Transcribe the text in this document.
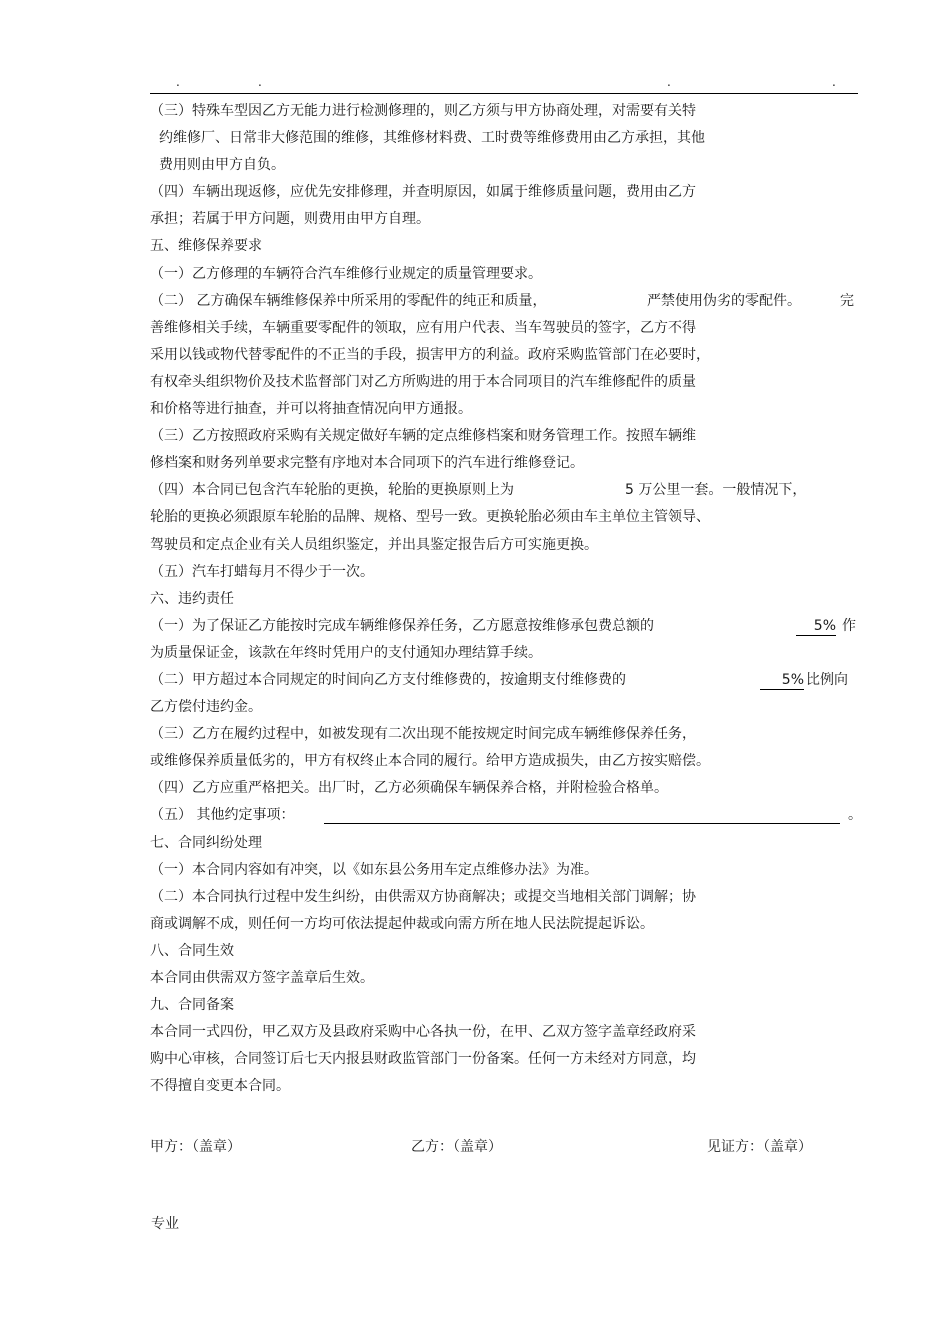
.	.	.	.
（三）特殊车型因乙方无能力进行检测修理的，则乙方须与甲方协商处理，对需要有关特
约维修厂、日常非大修范围的维修，其维修材料费、工时费等维修费用由乙方承担，其他
费用则由甲方自负。
（四）车辆出现返修，应优先安排修理，并查明原因，如属于维修质量问题，费用由乙方
承担；若属于甲方问题，则费用由甲方自理。
五、维修保养要求
（一）乙方修理的车辆符合汽车维修行业规定的质量管理要求。
（二） 乙方确保车辆维修保养中所采用的零配件的纯正和质量，	严禁使用伪劣的零配件。	完
善维修相关手续，车辆重要零配件的领取，应有用户代表、当车驾驶员的签字，乙方不得
采用以钱或物代替零配件的不正当的手段，损害甲方的利益。政府采购监管部门在必要时，
有权牵头组织物价及技术监督部门对乙方所购进的用于本合同项目的汽车维修配件的质量
和价格等进行抽查，并可以将抽查情况向甲方通报。
（三）乙方按照政府采购有关规定做好车辆的定点维修档案和财务管理工作。按照车辆维
修档案和财务列单要求完整有序地对本合同项下的汽车进行维修登记。
（四）本合同已包含汽车轮胎的更换，轮胎的更换原则上为	5 万公里一套。一般情况下，
轮胎的更换必须跟原车轮胎的品牌、规格、型号一致。更换轮胎必须由车主单位主管领导、
驾驶员和定点企业有关人员组织鉴定，并出具鉴定报告后方可实施更换。
（五）汽车打蜡每月不得少于一次。
六、违约责任
（一）为了保证乙方能按时完成车辆维修保养任务，乙方愿意按维修承包费总额的	5% 作
为质量保证金，该款在年终时凭用户的支付通知办理结算手续。
（二）甲方超过本合同规定的时间向乙方支付维修费的，按逾期支付维修费的	5% 比例向
乙方偿付违约金。
（三）乙方在履约过程中，如被发现有二次出现不能按规定时间完成车辆维修保养任务，
或维修保养质量低劣的，甲方有权终止本合同的履行。给甲方造成损失，由乙方按实赔偿。
（四）乙方应重严格把关。出厂时，乙方必须确保车辆保养合格，并附检验合格单。
（五） 其他约定事项：	。
七、合同纠纷处理
（一）本合同内容如有冲突，以《如东县公务用车定点维修办法》为准。
（二）本合同执行过程中发生纠纷，由供需双方协商解决；或提交当地相关部门调解；协
商或调解不成，则任何一方均可依法提起仲裁或向需方所在地人民法院提起诉讼。
八、合同生效
本合同由供需双方签字盖章后生效。
九、合同备案
本合同一式四份，甲乙双方及县政府采购中心各执一份，在甲、乙双方签字盖章经政府采
购中心审核，合同签订后七天内报县财政监管部门一份备案。任何一方未经对方同意，均
不得擅自变更本合同。
甲方：（盖章）	乙方：（盖章）	见证方：（盖章）
专业
